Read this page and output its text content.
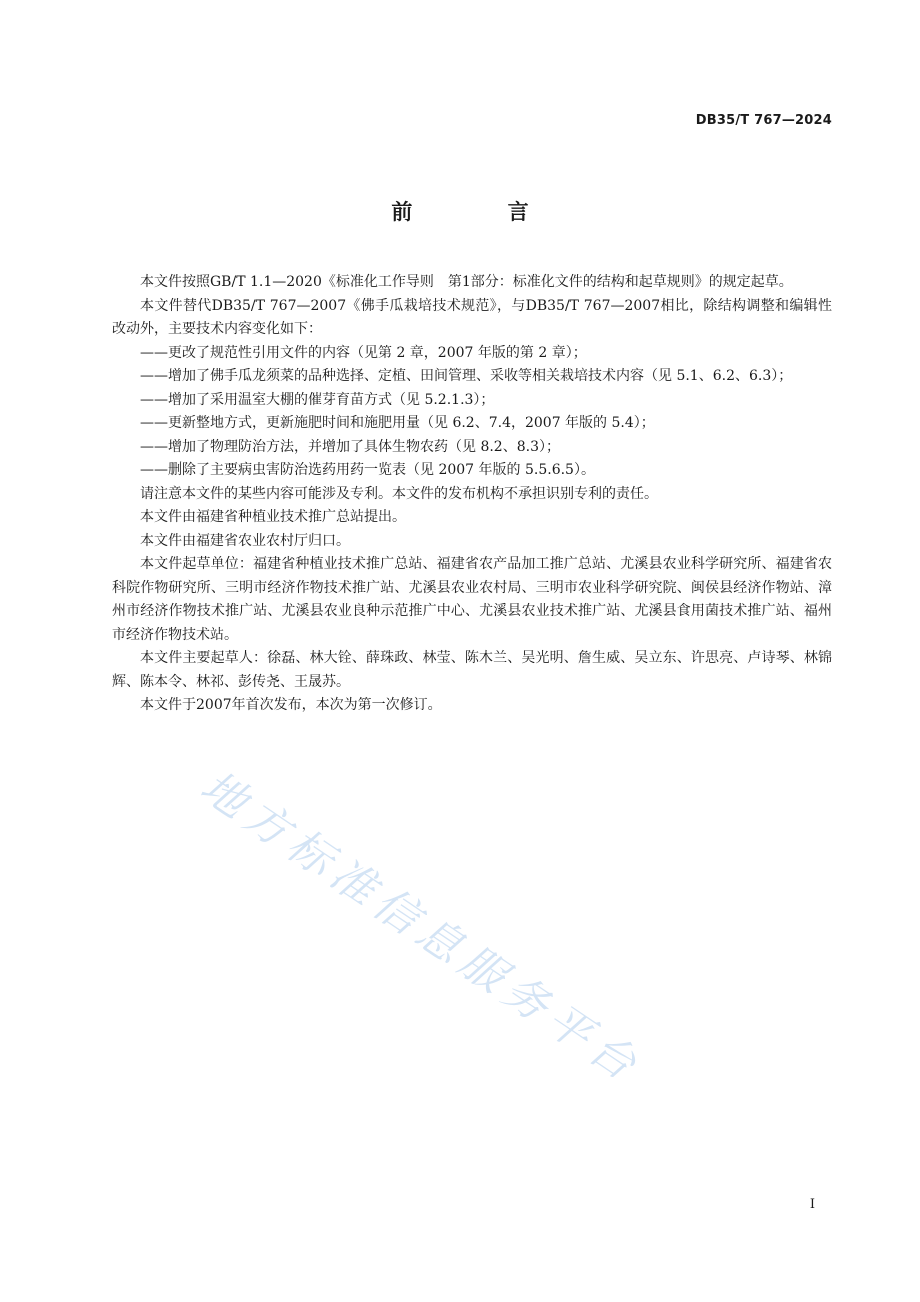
DB35/T 767—2024
前 言

本文件按照GB/T 1.1—2020《标准化工作导则　第1部分：标准化文件的结构和起草规则》的规定起草。

本文件替代DB35/T 767—2007《佛手瓜栽培技术规范》，与DB35/T 767—2007相比，除结构调整和编辑性改动外，主要技术内容变化如下：

——更改了规范性引用文件的内容（见第 2 章，2007 年版的第 2 章）；

——增加了佛手瓜龙须菜的品种选择、定植、田间管理、采收等相关栽培技术内容（见 5.1、6.2、6.3）；

——增加了采用温室大棚的催芽育苗方式（见 5.2.1.3）；

——更新整地方式，更新施肥时间和施肥用量（见 6.2、7.4，2007 年版的 5.4）；

——增加了物理防治方法，并增加了具体生物农药（见 8.2、8.3）；

——删除了主要病虫害防治选药用药一览表（见 2007 年版的 5.5.6.5）。

请注意本文件的某些内容可能涉及专利。本文件的发布机构不承担识别专利的责任。

本文件由福建省种植业技术推广总站提出。

本文件由福建省农业农村厅归口。

本文件起草单位：福建省种植业技术推广总站、福建省农产品加工推广总站、尤溪县农业科学研究所、福建省农科院作物研究所、三明市经济作物技术推广站、尤溪县农业农村局、三明市农业科学研究院、闽侯县经济作物站、漳州市经济作物技术推广站、尤溪县农业良种示范推广中心、尤溪县农业技术推广站、尤溪县食用菌技术推广站、福州市经济作物技术站。

本文件主要起草人：徐磊、林大铨、薛珠政、林莹、陈木兰、吴光明、詹生威、吴立东、许思亮、卢诗琴、林锦辉、陈本令、林祁、彭传尧、王晟苏。

本文件于2007年首次发布，本次为第一次修订。

地方标准信息服务平台
I
